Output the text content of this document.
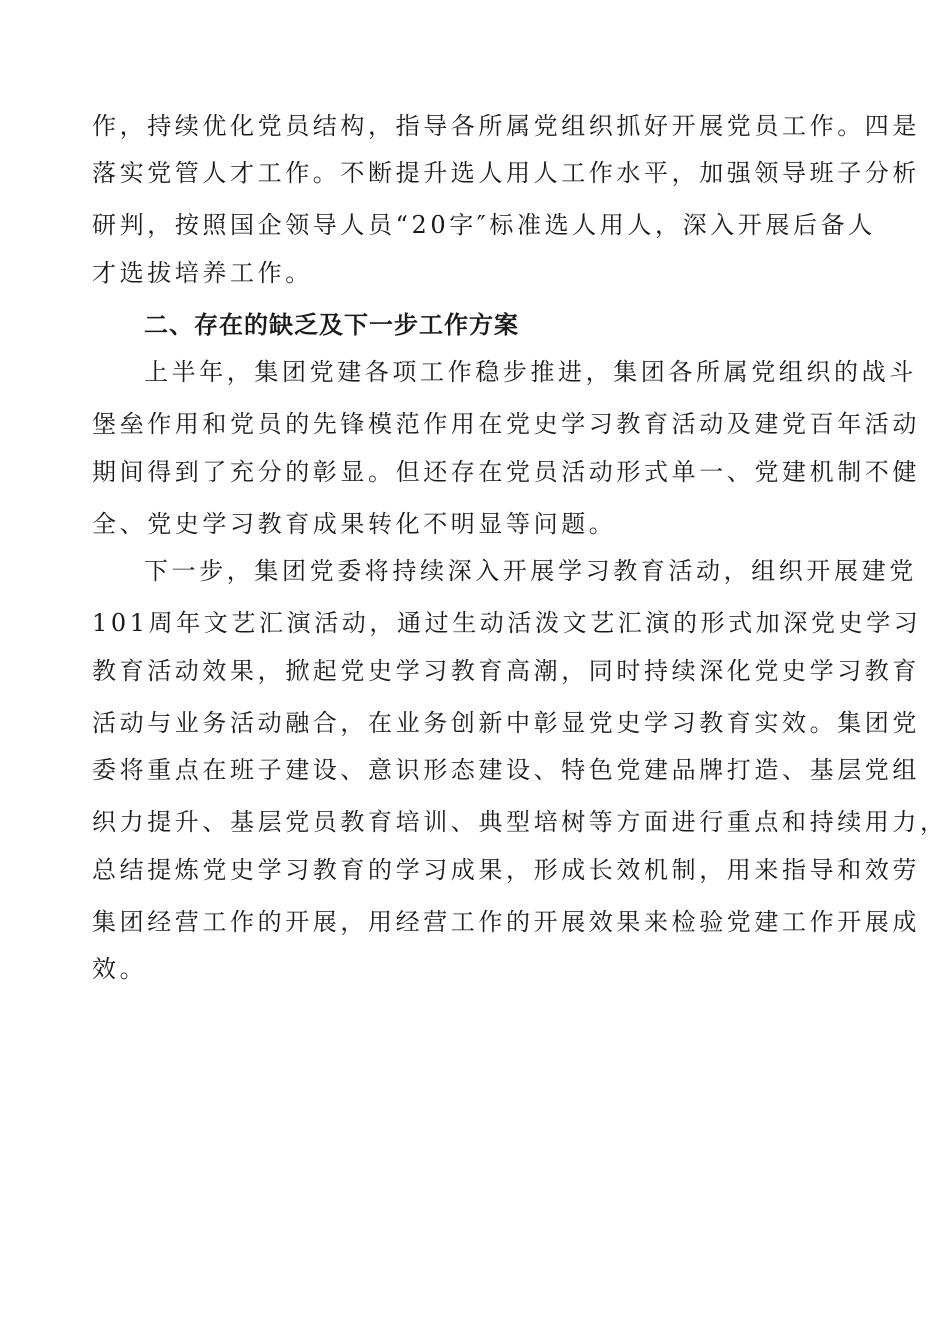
作，持续优化党员结构，指导各所属党组织抓好开展党员工作。四是
落实党管人才工作。不断提升选人用人工作水平，加强领导班子分析
研判，按照国企领导人员“20字″标准选人用人，深入开展后备人
才选拔培养工作。
二、存在的缺乏及下一步工作方案
上半年，集团党建各项工作稳步推进，集团各所属党组织的战斗
堡垒作用和党员的先锋模范作用在党史学习教育活动及建党百年活动
期间得到了充分的彰显。但还存在党员活动形式单一、党建机制不健
全、党史学习教育成果转化不明显等问题。
下一步，集团党委将持续深入开展学习教育活动，组织开展建党
101周年文艺汇演活动，通过生动活泼文艺汇演的形式加深党史学习
教育活动效果，掀起党史学习教育高潮，同时持续深化党史学习教育
活动与业务活动融合，在业务创新中彰显党史学习教育实效。集团党
委将重点在班子建设、意识形态建设、特色党建品牌打造、基层党组
织力提升、基层党员教育培训、典型培树等方面进行重点和持续用力，
总结提炼党史学习教育的学习成果，形成长效机制，用来指导和效劳
集团经营工作的开展，用经营工作的开展效果来检验党建工作开展成
效。
